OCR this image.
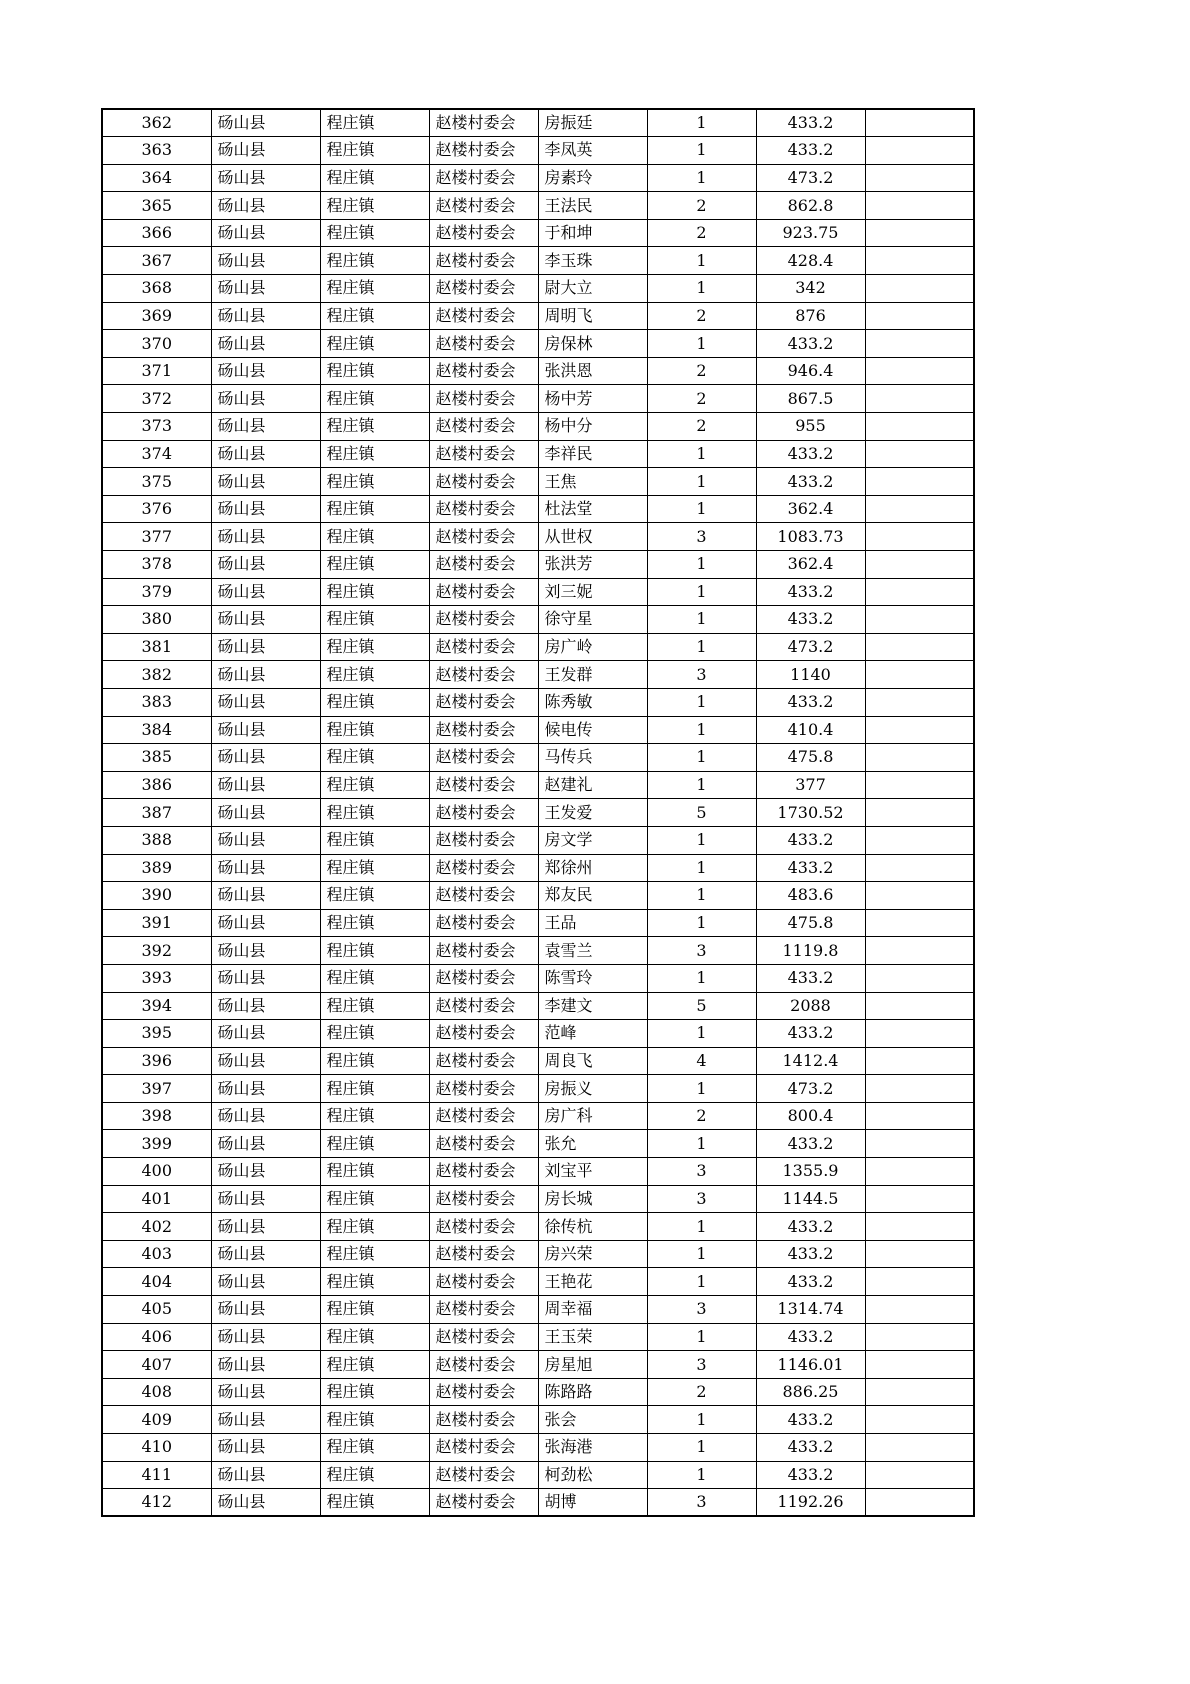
362	砀山县	程庄镇	赵楼村委会	房振廷	1	433.2	
363	砀山县	程庄镇	赵楼村委会	李凤英	1	433.2	
364	砀山县	程庄镇	赵楼村委会	房素玲	1	473.2	
365	砀山县	程庄镇	赵楼村委会	王法民	2	862.8	
366	砀山县	程庄镇	赵楼村委会	于和坤	2	923.75	
367	砀山县	程庄镇	赵楼村委会	李玉珠	1	428.4	
368	砀山县	程庄镇	赵楼村委会	尉大立	1	342	
369	砀山县	程庄镇	赵楼村委会	周明飞	2	876	
370	砀山县	程庄镇	赵楼村委会	房保林	1	433.2	
371	砀山县	程庄镇	赵楼村委会	张洪恩	2	946.4	
372	砀山县	程庄镇	赵楼村委会	杨中芳	2	867.5	
373	砀山县	程庄镇	赵楼村委会	杨中分	2	955	
374	砀山县	程庄镇	赵楼村委会	李祥民	1	433.2	
375	砀山县	程庄镇	赵楼村委会	王焦	1	433.2	
376	砀山县	程庄镇	赵楼村委会	杜法堂	1	362.4	
377	砀山县	程庄镇	赵楼村委会	从世权	3	1083.73	
378	砀山县	程庄镇	赵楼村委会	张洪芳	1	362.4	
379	砀山县	程庄镇	赵楼村委会	刘三妮	1	433.2	
380	砀山县	程庄镇	赵楼村委会	徐守星	1	433.2	
381	砀山县	程庄镇	赵楼村委会	房广岭	1	473.2	
382	砀山县	程庄镇	赵楼村委会	王发群	3	1140	
383	砀山县	程庄镇	赵楼村委会	陈秀敏	1	433.2	
384	砀山县	程庄镇	赵楼村委会	候电传	1	410.4	
385	砀山县	程庄镇	赵楼村委会	马传兵	1	475.8	
386	砀山县	程庄镇	赵楼村委会	赵建礼	1	377	
387	砀山县	程庄镇	赵楼村委会	王发爱	5	1730.52	
388	砀山县	程庄镇	赵楼村委会	房文学	1	433.2	
389	砀山县	程庄镇	赵楼村委会	郑徐州	1	433.2	
390	砀山县	程庄镇	赵楼村委会	郑友民	1	483.6	
391	砀山县	程庄镇	赵楼村委会	王品	1	475.8	
392	砀山县	程庄镇	赵楼村委会	袁雪兰	3	1119.8	
393	砀山县	程庄镇	赵楼村委会	陈雪玲	1	433.2	
394	砀山县	程庄镇	赵楼村委会	李建文	5	2088	
395	砀山县	程庄镇	赵楼村委会	范峰	1	433.2	
396	砀山县	程庄镇	赵楼村委会	周良飞	4	1412.4	
397	砀山县	程庄镇	赵楼村委会	房振义	1	473.2	
398	砀山县	程庄镇	赵楼村委会	房广科	2	800.4	
399	砀山县	程庄镇	赵楼村委会	张允	1	433.2	
400	砀山县	程庄镇	赵楼村委会	刘宝平	3	1355.9	
401	砀山县	程庄镇	赵楼村委会	房长城	3	1144.5	
402	砀山县	程庄镇	赵楼村委会	徐传杭	1	433.2	
403	砀山县	程庄镇	赵楼村委会	房兴荣	1	433.2	
404	砀山县	程庄镇	赵楼村委会	王艳花	1	433.2	
405	砀山县	程庄镇	赵楼村委会	周幸福	3	1314.74	
406	砀山县	程庄镇	赵楼村委会	王玉荣	1	433.2	
407	砀山县	程庄镇	赵楼村委会	房星旭	3	1146.01	
408	砀山县	程庄镇	赵楼村委会	陈路路	2	886.25	
409	砀山县	程庄镇	赵楼村委会	张会	1	433.2	
410	砀山县	程庄镇	赵楼村委会	张海港	1	433.2	
411	砀山县	程庄镇	赵楼村委会	柯劲松	1	433.2	
412	砀山县	程庄镇	赵楼村委会	胡博	3	1192.26	
